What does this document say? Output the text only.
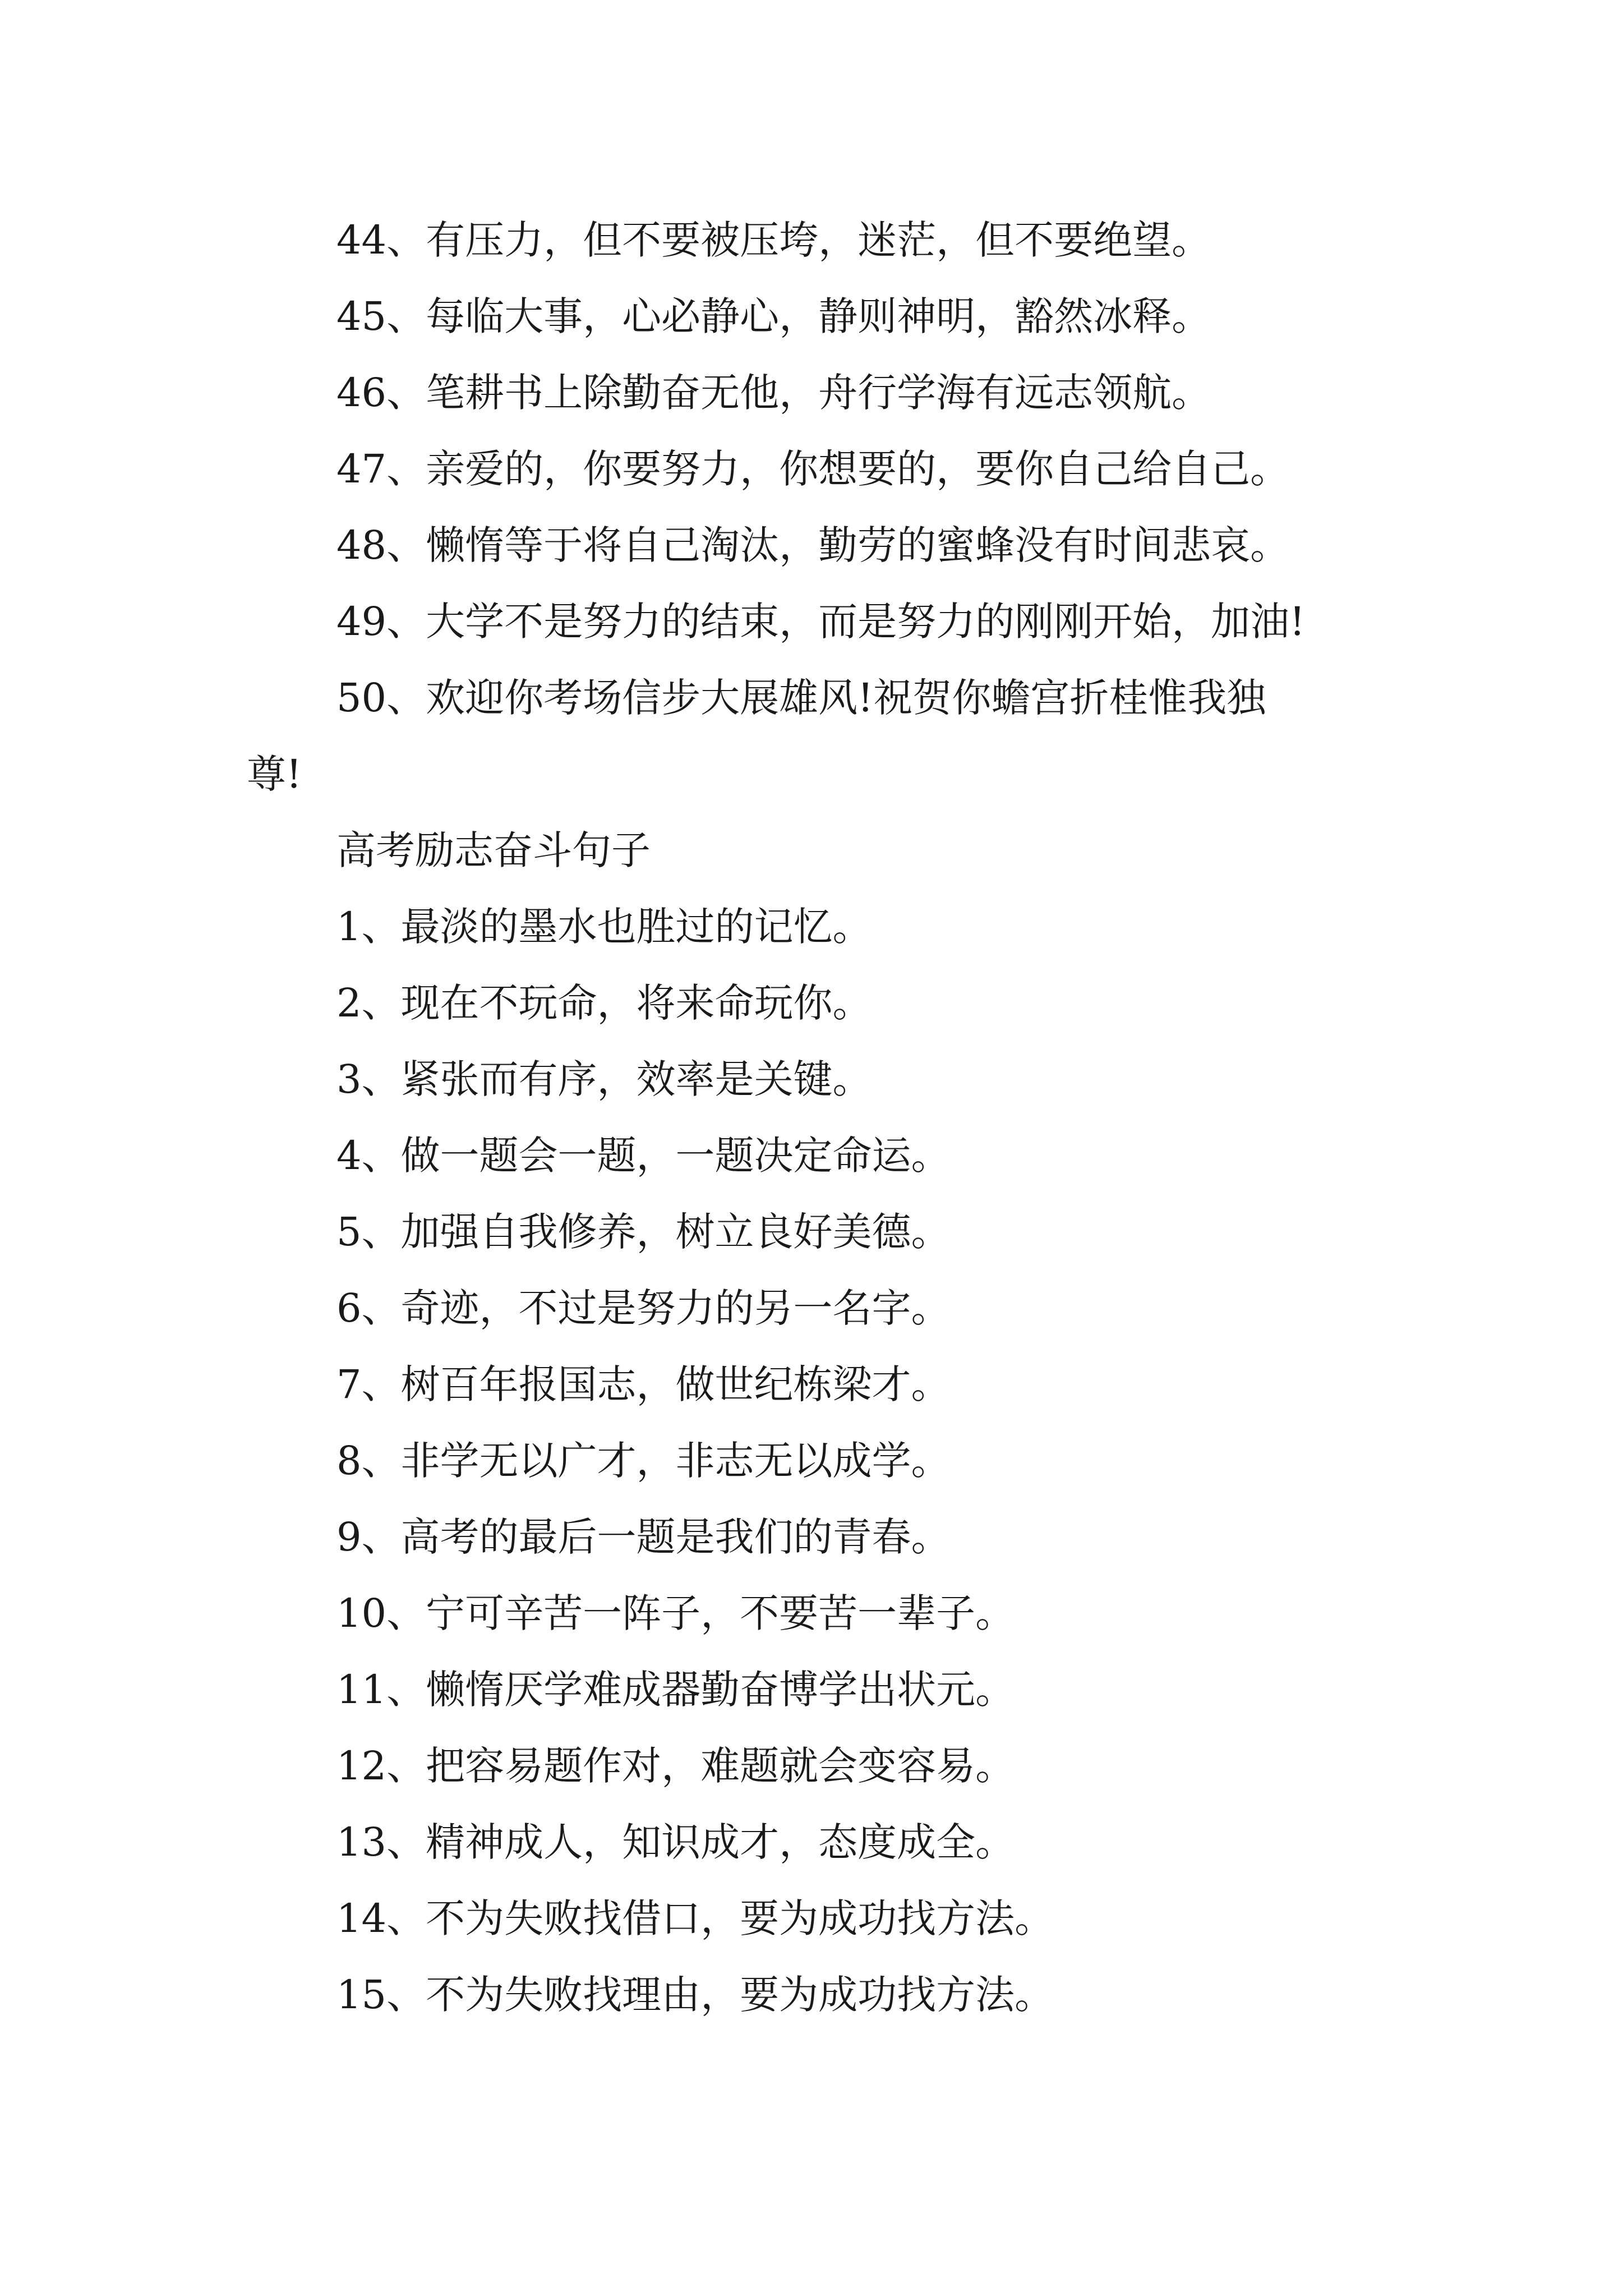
44、有压力，但不要被压垮，迷茫，但不要绝望。
45、每临大事，心必静心，静则神明，豁然冰释。
46、笔耕书上除勤奋无他，舟行学海有远志领航。
47、亲爱的，你要努力，你想要的，要你自己给自己。
48、懒惰等于将自己淘汰，勤劳的蜜蜂没有时间悲哀。
49、大学不是努力的结束，而是努力的刚刚开始，加油!
50、欢迎你考场信步大展雄风!祝贺你蟾宫折桂惟我独
尊!
高考励志奋斗句子
1、最淡的墨水也胜过的记忆。
2、现在不玩命，将来命玩你。
3、紧张而有序，效率是关键。
4、做一题会一题，一题决定命运。
5、加强自我修养，树立良好美德。
6、奇迹，不过是努力的另一名字。
7、树百年报国志，做世纪栋梁才。
8、非学无以广才，非志无以成学。
9、高考的最后一题是我们的青春。
10、宁可辛苦一阵子，不要苦一辈子。
11、懒惰厌学难成器勤奋博学出状元。
12、把容易题作对，难题就会变容易。
13、精神成人，知识成才，态度成全。
14、不为失败找借口，要为成功找方法。
15、不为失败找理由，要为成功找方法。
